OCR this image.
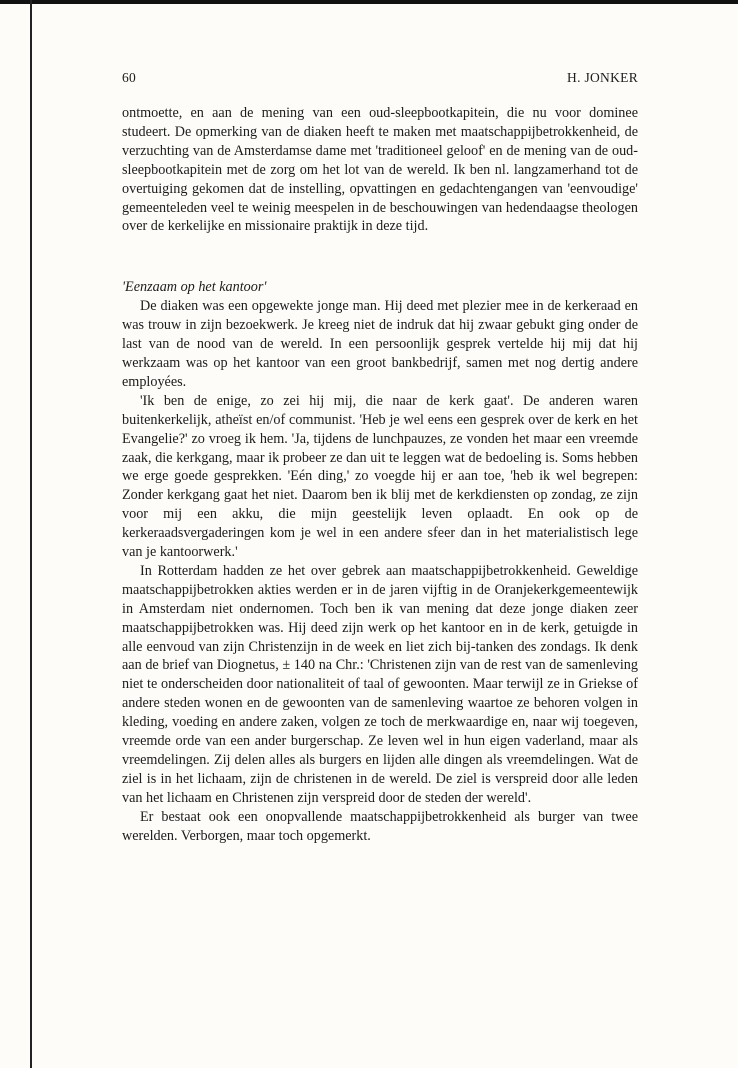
60	H. JONKER

ontmoette, en aan de mening van een oud-sleepbootkapitein, die nu voor dominee studeert. De opmerking van de diaken heeft te maken met maatschappijbetrokkenheid, de verzuchting van de Amsterdamse dame met 'traditioneel geloof' en de mening van de oud-sleepbootkapitein met de zorg om het lot van de wereld. Ik ben nl. langzamerhand tot de overtuiging gekomen dat de instelling, opvattingen en gedachtengangen van 'eenvoudige' gemeenteleden veel te weinig meespelen in de beschouwingen van hedendaagse theologen over de kerkelijke en missionaire praktijk in deze tijd.

'Eenzaam op het kantoor'

De diaken was een opgewekte jonge man. Hij deed met plezier mee in de kerkeraad en was trouw in zijn bezoekwerk. Je kreeg niet de indruk dat hij zwaar gebukt ging onder de last van de nood van de wereld. In een persoonlijk gesprek vertelde hij mij dat hij werkzaam was op het kantoor van een groot bankbedrijf, samen met nog dertig andere employées.

'Ik ben de enige, zo zei hij mij, die naar de kerk gaat'. De anderen waren buitenkerkelijk, atheïst en/of communist. 'Heb je wel eens een gesprek over de kerk en het Evangelie?' zo vroeg ik hem. 'Ja, tijdens de lunchpauzes, ze vonden het maar een vreemde zaak, die kerkgang, maar ik probeer ze dan uit te leggen wat de bedoeling is. Soms hebben we erge goede gesprekken. 'Eén ding,' zo voegde hij er aan toe, 'heb ik wel begrepen: Zonder kerkgang gaat het niet. Daarom ben ik blij met de kerkdiensten op zondag, ze zijn voor mij een akku, die mijn geestelijk leven oplaadt. En ook op de kerkeraadsvergaderingen kom je wel in een andere sfeer dan in het materialistisch lege van je kantoorwerk.'

In Rotterdam hadden ze het over gebrek aan maatschappijbetrokkenheid. Geweldige maatschappijbetrokken akties werden er in de jaren vijftig in de Oranjekerkgemeentewijk in Amsterdam niet ondernomen. Toch ben ik van mening dat deze jonge diaken zeer maatschappijbetrokken was. Hij deed zijn werk op het kantoor en in de kerk, getuigde in alle eenvoud van zijn Christenzijn in de week en liet zich bij-tanken des zondags. Ik denk aan de brief van Diognetus, ± 140 na Chr.: 'Christenen zijn van de rest van de samenleving niet te onderscheiden door nationaliteit of taal of gewoonten. Maar terwijl ze in Griekse of andere steden wonen en de gewoonten van de samenleving waartoe ze behoren volgen in kleding, voeding en andere zaken, volgen ze toch de merkwaardige en, naar wij toegeven, vreemde orde van een ander burgerschap. Ze leven wel in hun eigen vaderland, maar als vreemdelingen. Zij delen alles als burgers en lijden alle dingen als vreemdelingen. Wat de ziel is in het lichaam, zijn de christenen in de wereld. De ziel is verspreid door alle leden van het lichaam en Christenen zijn verspreid door de steden der wereld'.

Er bestaat ook een onopvallende maatschappijbetrokkenheid als burger van twee werelden. Verborgen, maar toch opgemerkt.
